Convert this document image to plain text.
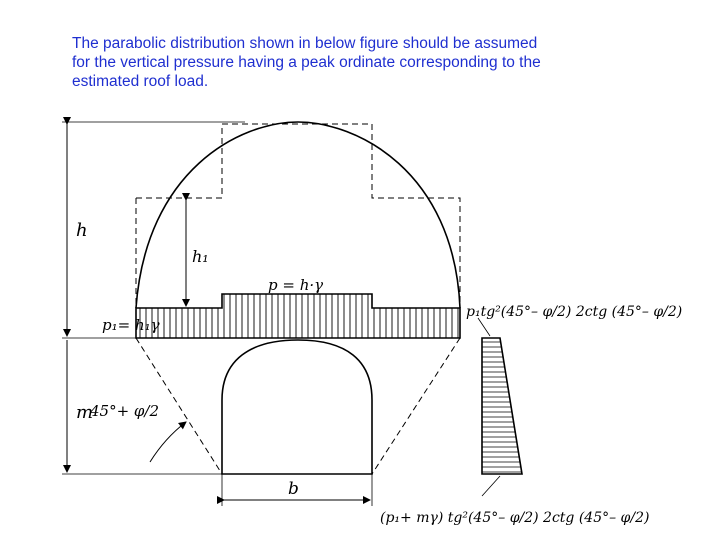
The parabolic distribution shown in below figure should be assumed
for the vertical pressure having a peak ordinate corresponding to the
estimated roof load.
h
h₁
p = h·γ
p₁= h₁γ
m
45°+ φ/2
b
p₁tg²(45°– φ/2) 2ctg (45°– φ/2)
(p₁+ mγ) tg²(45°– φ/2) 2ctg (45°– φ/2)
